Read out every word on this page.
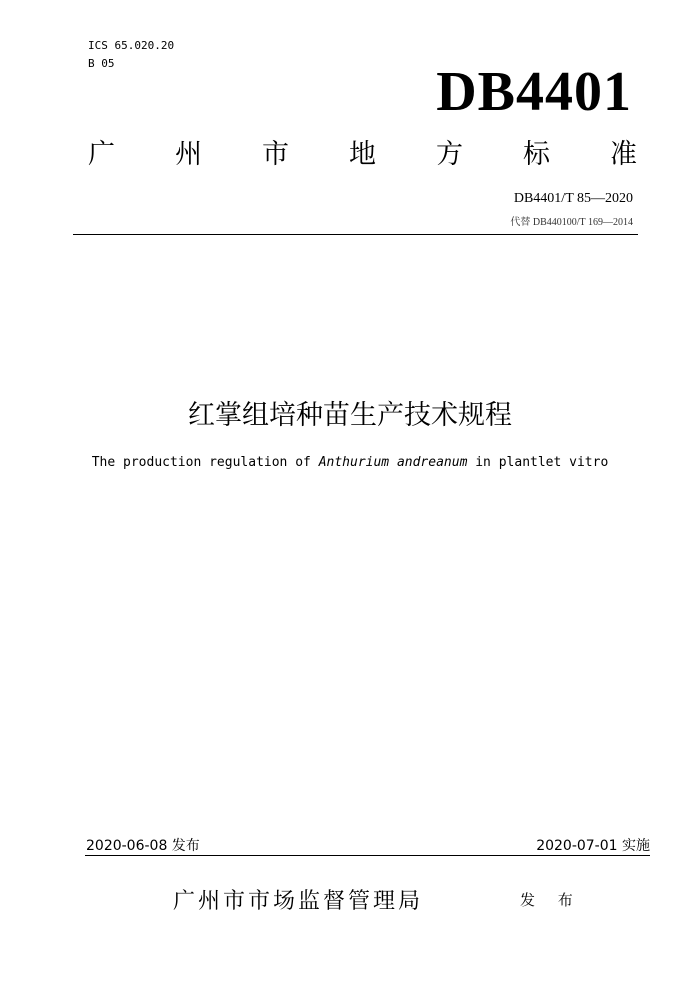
ICS 65.020.20
B 05	DB4401
广 州 市 地 方 标 准
DB4401/T 85—2020
代替 DB440100/T 169—2014
红掌组培种苗生产技术规程
The production regulation of Anthurium andreanum in plantlet vitro
2020-06-08 发布	2020-07-01 实施
广州市市场监督管理局	发 布
